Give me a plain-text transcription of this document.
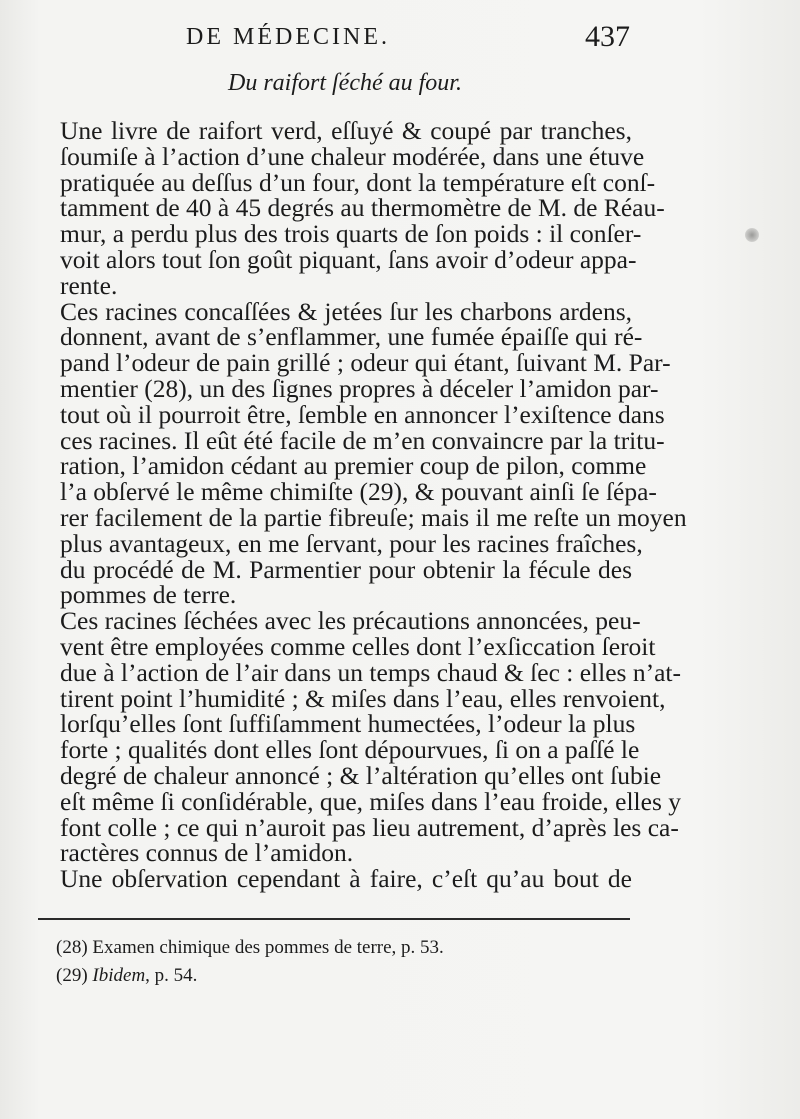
DE MÉDECINE.	437
Du raifort ſéché au four.
Une livre de raifort verd, eſſuyé & coupé par tranches,
ſoumiſe à l’action d’une chaleur modérée, dans une étuve
pratiquée au deſſus d’un four, dont la température eſt conſ-
tamment de 40 à 45 degrés au thermomètre de M. de Réau-
mur, a perdu plus des trois quarts de ſon poids : il conſer-
voit alors tout ſon goût piquant, ſans avoir d’odeur appa-
rente.
Ces racines concaſſées & jetées ſur les charbons ardens,
donnent, avant de s’enflammer, une fumée épaiſſe qui ré-
pand l’odeur de pain grillé ; odeur qui étant, ſuivant M. Par-
mentier (28), un des ſignes propres à déceler l’amidon par-
tout où il pourroit être, ſemble en annoncer l’exiſtence dans
ces racines. Il eût été facile de m’en convaincre par la tritu-
ration, l’amidon cédant au premier coup de pilon, comme
l’a obſervé le même chimiſte (29), & pouvant ainſi ſe ſépa-
rer facilement de la partie fibreuſe; mais il me reſte un moyen
plus avantageux, en me ſervant, pour les racines fraîches,
du procédé de M. Parmentier pour obtenir la fécule des
pommes de terre.
Ces racines ſéchées avec les précautions annoncées, peu-
vent être employées comme celles dont l’exſiccation ſeroit
due à l’action de l’air dans un temps chaud & ſec : elles n’at-
tirent point l’humidité ; & miſes dans l’eau, elles renvoient,
lorſqu’elles ſont ſuffiſamment humectées, l’odeur la plus
forte ; qualités dont elles ſont dépourvues, ſi on a paſſé le
degré de chaleur annoncé ; & l’altération qu’elles ont ſubie
eſt même ſi conſidérable, que, miſes dans l’eau froide, elles y
font colle ; ce qui n’auroit pas lieu autrement, d’après les ca-
ractères connus de l’amidon.
Une obſervation cependant à faire, c’eſt qu’au bout de
(28) Examen chimique des pommes de terre, p. 53.
(29) Ibidem, p. 54.
